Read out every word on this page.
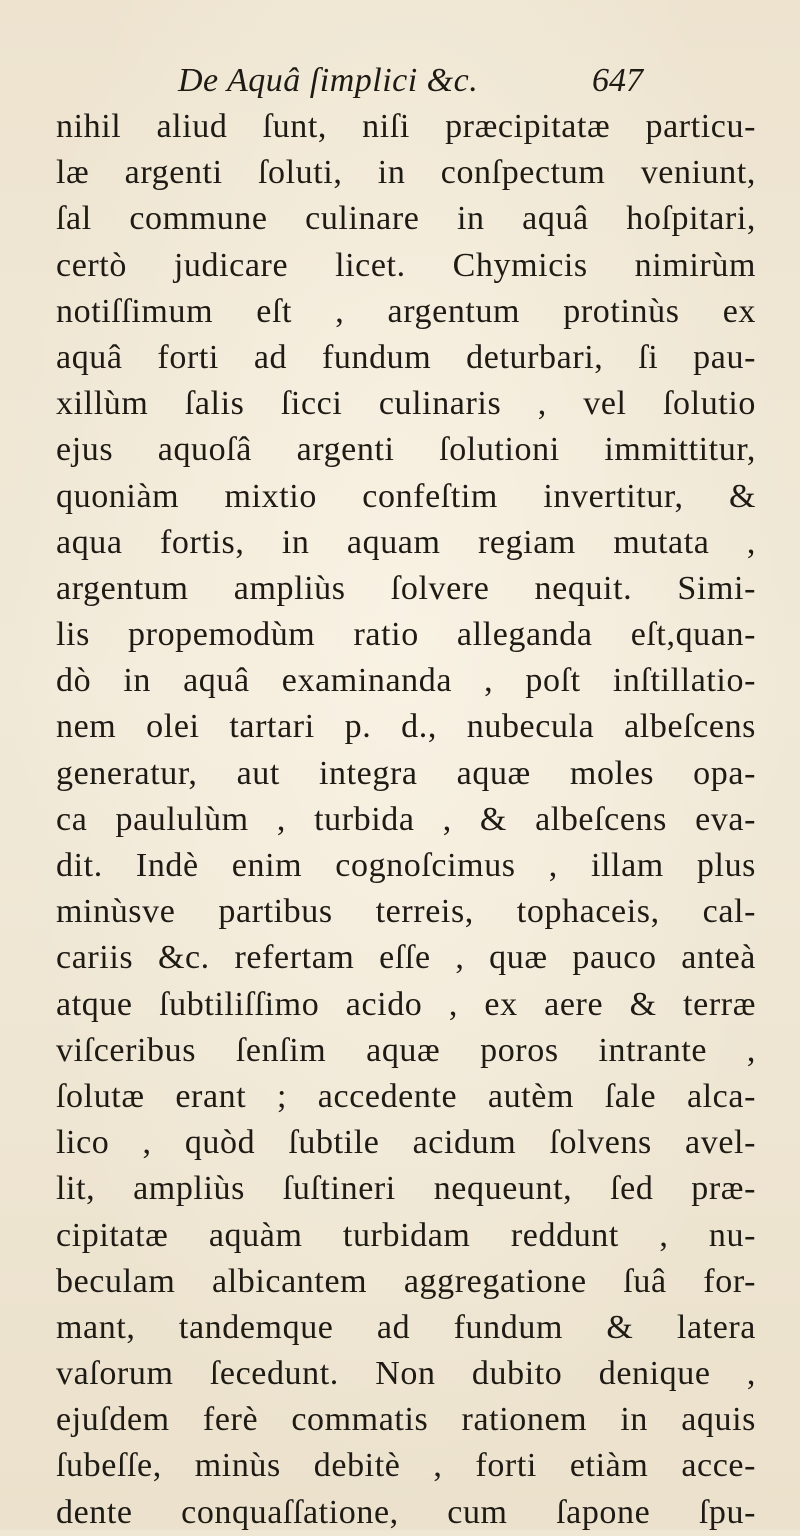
De Aquâ ſimplici &c.	647
nihil aliud ſunt, niſi præcipitatæ particu-
læ argenti ſoluti, in conſpectum veniunt,
ſal commune culinare in aquâ hoſpitari,
certò judicare licet. Chymicis nimirùm
notiſſimum eſt , argentum protinùs ex
aquâ forti ad fundum deturbari, ſi pau-
xillùm ſalis ſicci culinaris , vel ſolutio
ejus aquoſâ argenti ſolutioni immittitur,
quoniàm mixtio confeſtim invertitur, &
aqua fortis, in aquam regiam mutata ,
argentum ampliùs ſolvere nequit. Simi-
lis propemodùm ratio alleganda eſt,quan-
dò in aquâ examinanda , poſt inſtillatio-
nem olei tartari p. d., nubecula albeſcens
generatur, aut integra aquæ moles opa-
ca paululùm , turbida , & albeſcens eva-
dit. Indè enim cognoſcimus , illam plus
minùsve partibus terreis, tophaceis, cal-
cariis &c. refertam eſſe , quæ pauco anteà
atque ſubtiliſſimo acido , ex aere & terræ
viſceribus ſenſim aquæ poros intrante ,
ſolutæ erant ; accedente autèm ſale alca-
lico , quòd ſubtile acidum ſolvens avel-
lit, ampliùs ſuſtineri nequeunt, ſed præ-
cipitatæ aquàm turbidam reddunt , nu-
beculam albicantem aggregatione ſuâ for-
mant, tandemque ad fundum & latera
vaſorum ſecedunt. Non dubito denique ,
ejuſdem ferè commatis rationem in aquis
ſubeſſe, minùs debitè , forti etiàm acce-
dente conquaſſatione, cum ſapone ſpu-
